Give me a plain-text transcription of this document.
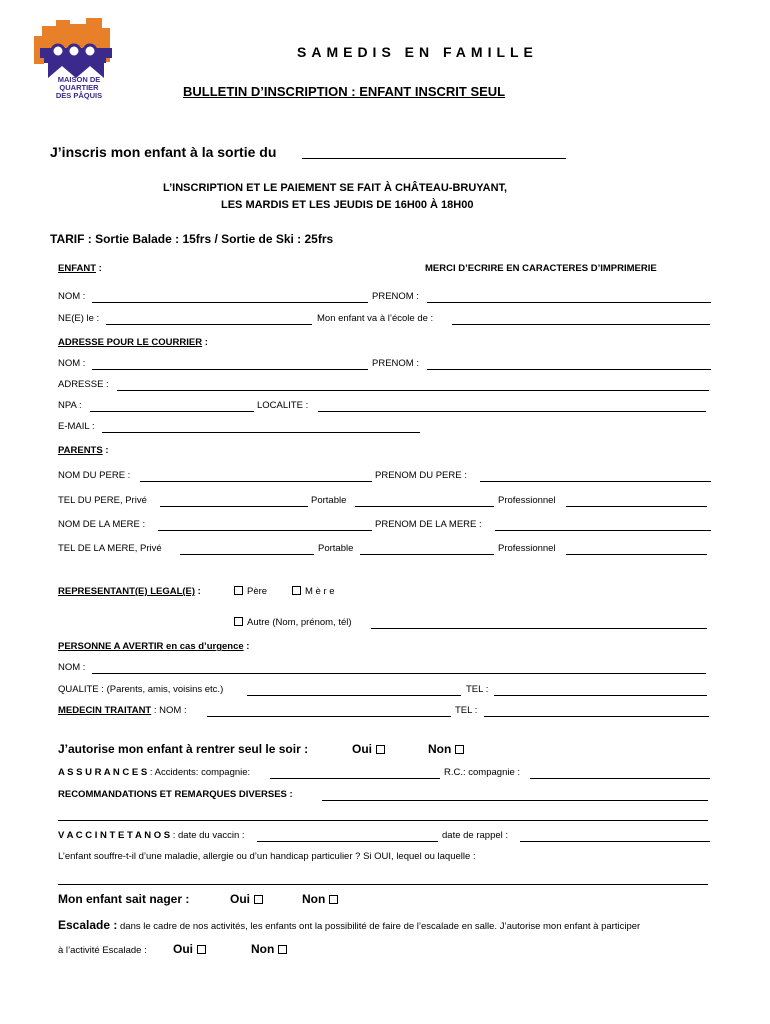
MAISON DE
QUARTIER
DES PÂQUIS
SAMEDIS EN FAMILLE
BULLETIN D’INSCRIPTION : ENFANT INSCRIT SEUL
J’inscris mon enfant à la sortie du
L’INSCRIPTION ET LE PAIEMENT SE FAIT À CHÂTEAU-BRUYANT,
LES MARDIS ET LES JEUDIS DE 16H00 À 18H00
TARIF : Sortie Balade : 15frs / Sortie de Ski : 25frs
ENFANT :	MERCI D’ECRIRE EN CARACTERES D’IMPRIMERIE
NOM :	PRENOM :
NE(E) le :	Mon enfant va à l’école de :
ADRESSE POUR LE COURRIER :
NOM :	PRENOM :
ADRESSE :
NPA :	LOCALITE :
E-MAIL :
PARENTS :
NOM DU PERE :	PRENOM DU PERE :
TEL DU PERE, Privé	Portable	Professionnel
NOM DE LA MERE :	PRENOM DE LA MERE :
TEL DE LA MERE, Privé	Portable	Professionnel
REPRESENTANT(E) LEGAL(E) :	Père	M è r e
Autre (Nom, prénom, tél)
PERSONNE A AVERTIR en cas d’urgence :
NOM :
QUALITE : (Parents, amis, voisins etc.)	TEL :
MEDECIN TRAITANT : NOM :	TEL :
J’autorise mon enfant à rentrer seul le soir :	Oui	Non
A S S U R A N C E S : Accidents: compagnie:	R.C.: compagnie :
RECOMMANDATIONS ET REMARQUES DIVERSES :
V A C C I N T E T A N O S : date du vaccin :	date de rappel :
L’enfant souffre-t-il d’une maladie, allergie ou d’un handicap particulier ? Si OUI, lequel ou laquelle :
Mon enfant sait nager :	Oui	Non
Escalade : dans le cadre de nos activités, les enfants ont la possibilité de faire de l’escalade en salle. J’autorise mon enfant à participer
à l’activité Escalade : Oui	Non
